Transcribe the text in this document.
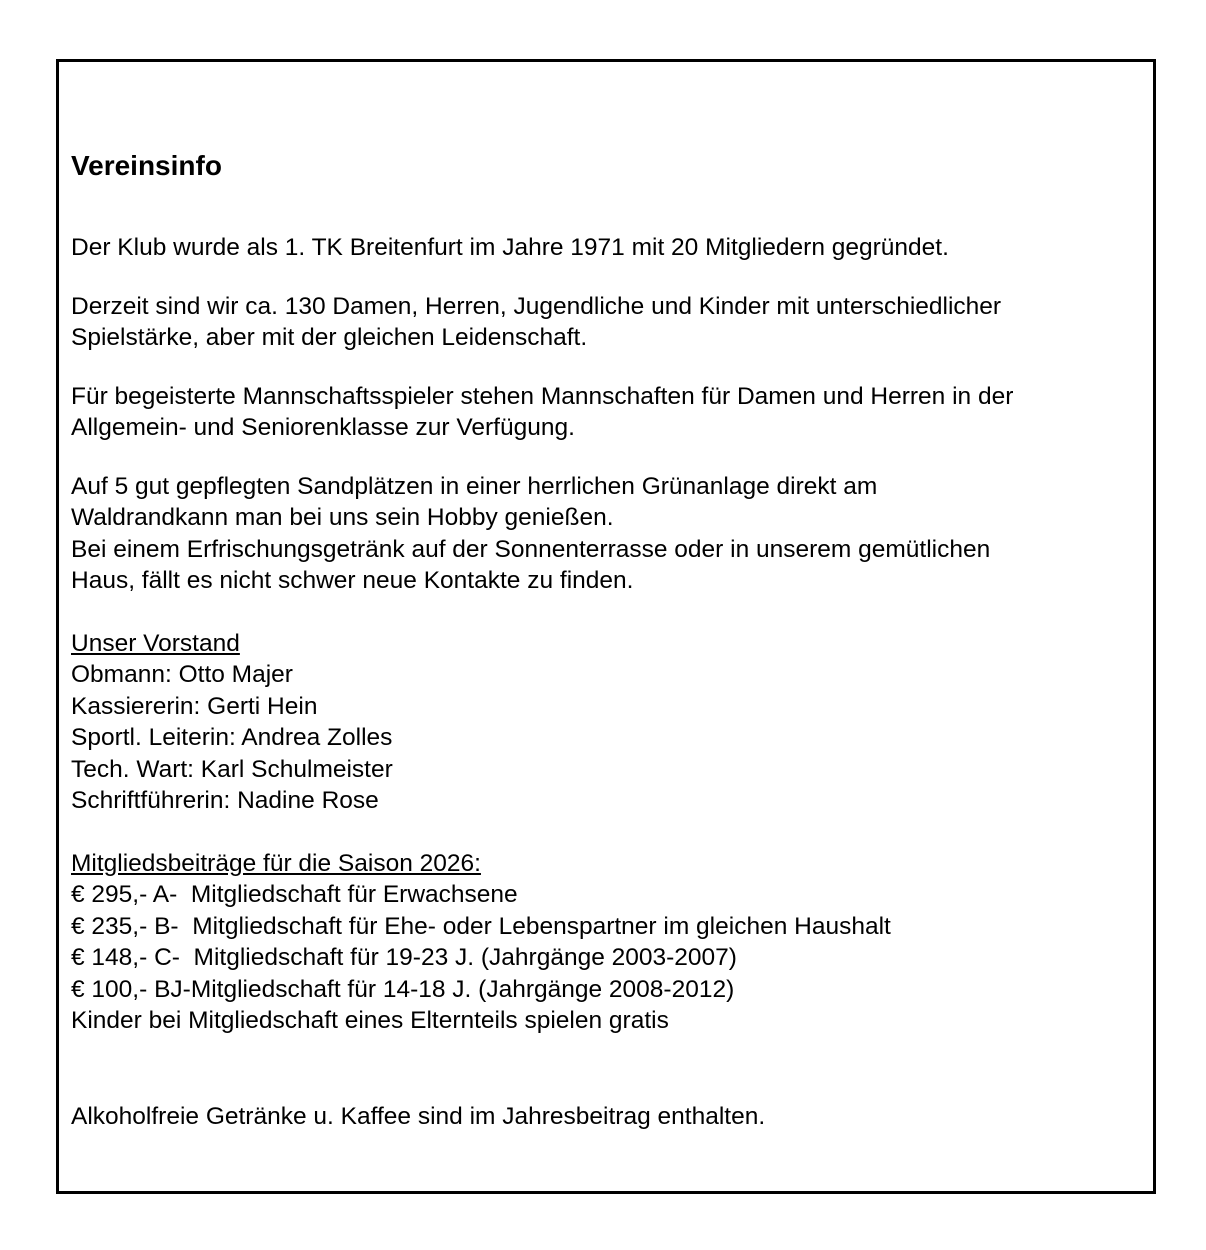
Vereinsinfo

Der Klub wurde als 1. TK Breitenfurt im Jahre 1971 mit 20 Mitgliedern gegründet.

Derzeit sind wir ca. 130 Damen, Herren, Jugendliche und Kinder mit unterschiedlicher
Spielstärke, aber mit der gleichen Leidenschaft.

Für begeisterte Mannschaftsspieler stehen Mannschaften für Damen und Herren in der
Allgemein- und Seniorenklasse zur Verfügung.

Auf 5 gut gepflegten Sandplätzen in einer herrlichen Grünanlage direkt am
Waldrandkann man bei uns sein Hobby genießen.
Bei einem Erfrischungsgetränk auf der Sonnenterrasse oder in unserem gemütlichen
Haus, fällt es nicht schwer neue Kontakte zu finden.

Unser Vorstand
Obmann: Otto Majer
Kassiererin: Gerti Hein
Sportl. Leiterin: Andrea Zolles
Tech. Wart: Karl Schulmeister
Schriftführerin: Nadine Rose
Mitgliedsbeiträge für die Saison 2026:
€ 295,- A-  Mitgliedschaft für Erwachsene
€ 235,- B-  Mitgliedschaft für Ehe- oder Lebenspartner im gleichen Haushalt
€ 148,- C-  Mitgliedschaft für 19-23 J. (Jahrgänge 2003-2007)
€ 100,- BJ-Mitgliedschaft für 14-18 J. (Jahrgänge 2008-2012)
Kinder bei Mitgliedschaft eines Elternteils spielen gratis

Alkoholfreie Getränke u. Kaffee sind im Jahresbeitrag enthalten.
